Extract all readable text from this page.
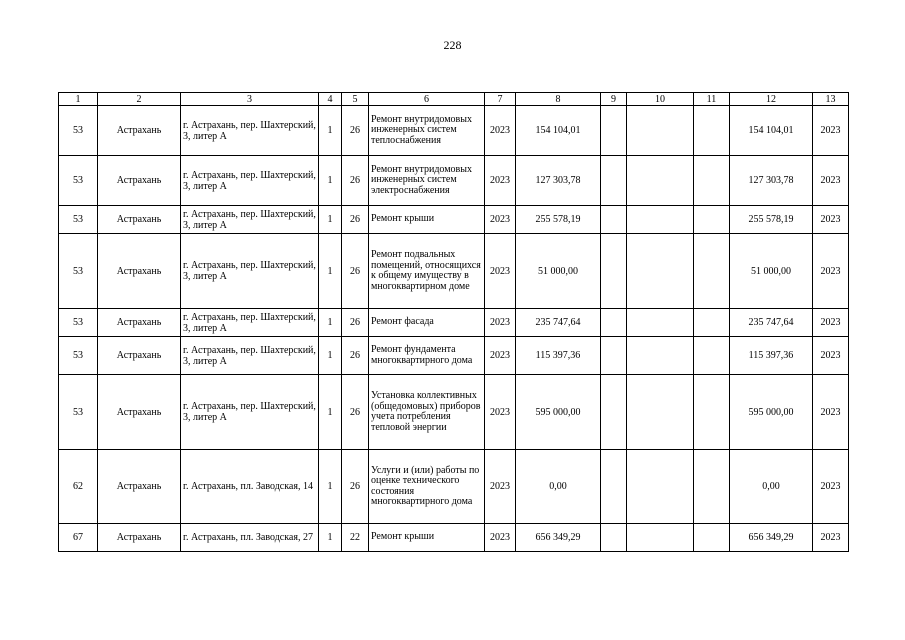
228
1	2	3	4	5	6	7	8	9	10	11	12	13
53	Астрахань	г. Астрахань, пер. Шахтерский, 3, литер А	1	26	Ремонт внутридомовых инженерных систем теплоснабжения	2023	154 104,01				154 104,01	2023
53	Астрахань	г. Астрахань, пер. Шахтерский, 3, литер А	1	26	Ремонт внутридомовых инженерных систем электроснабжения	2023	127 303,78				127 303,78	2023
53	Астрахань	г. Астрахань, пер. Шахтерский, 3, литер А	1	26	Ремонт крыши	2023	255 578,19				255 578,19	2023
53	Астрахань	г. Астрахань, пер. Шахтерский, 3, литер А	1	26	Ремонт подвальных помещений, относящихся к общему имуществу в многоквартирном доме	2023	51 000,00				51 000,00	2023
53	Астрахань	г. Астрахань, пер. Шахтерский, 3, литер А	1	26	Ремонт фасада	2023	235 747,64				235 747,64	2023
53	Астрахань	г. Астрахань, пер. Шахтерский, 3, литер А	1	26	Ремонт фундамента многоквартирного дома	2023	115 397,36				115 397,36	2023
53	Астрахань	г. Астрахань, пер. Шахтерский, 3, литер А	1	26	Установка коллективных (общедомовых) приборов учета потребления тепловой энергии	2023	595 000,00				595 000,00	2023
62	Астрахань	г. Астрахань, пл. Заводская, 14	1	26	Услуги и (или) работы по оценке технического состояния многоквартирного дома	2023	0,00				0,00	2023
67	Астрахань	г. Астрахань, пл. Заводская, 27	1	22	Ремонт крыши	2023	656 349,29				656 349,29	2023
